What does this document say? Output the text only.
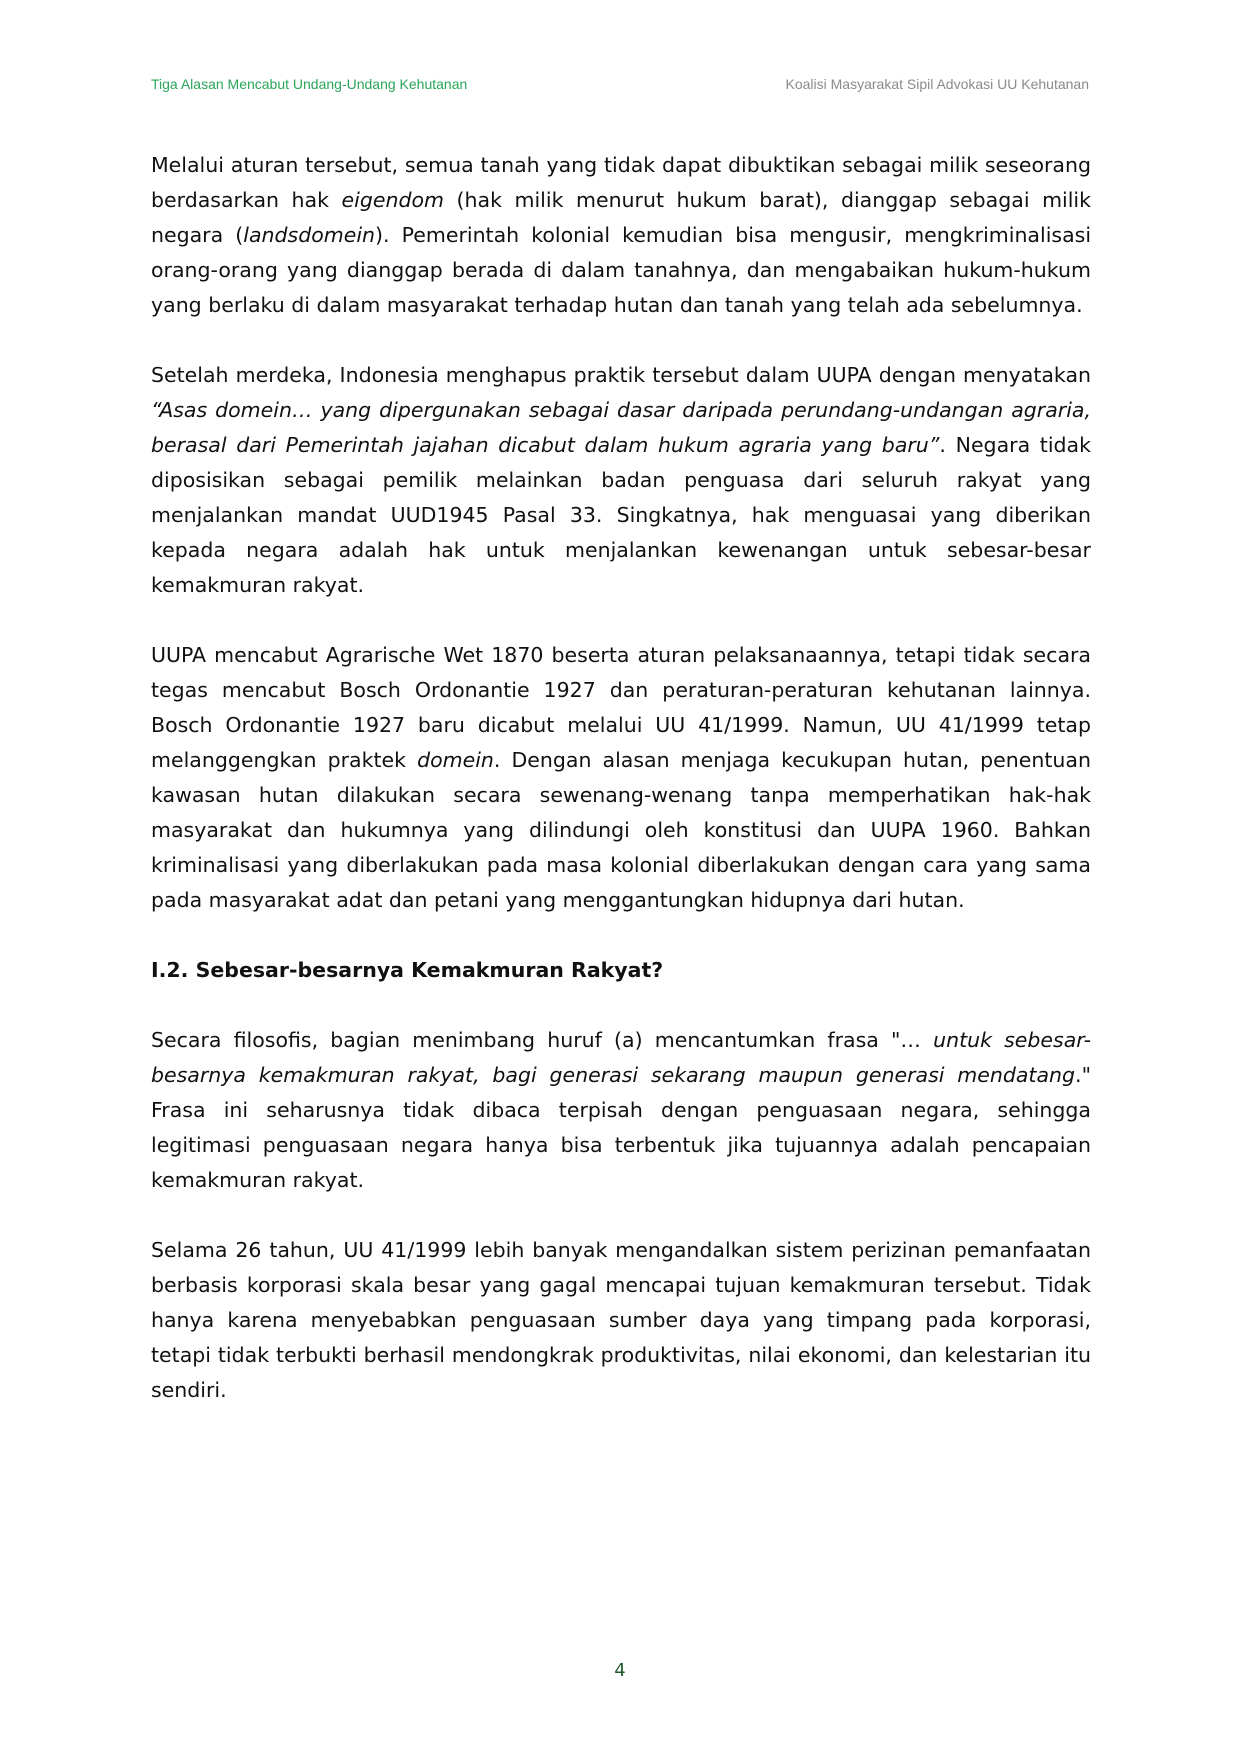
Tiga Alasan Mencabut Undang-Undang Kehutanan	Koalisi Masyarakat Sipil Advokasi UU Kehutanan

Melalui aturan tersebut, semua tanah yang tidak dapat dibuktikan sebagai milik seseorang berdasarkan hak eigendom (hak milik menurut hukum barat), dianggap sebagai milik negara (landsdomein). Pemerintah kolonial kemudian bisa mengusir, mengkriminalisasi orang-orang yang dianggap berada di dalam tanahnya, dan mengabaikan hukum-hukum yang berlaku di dalam masyarakat terhadap hutan dan tanah yang telah ada sebelumnya.

Setelah merdeka, Indonesia menghapus praktik tersebut dalam UUPA dengan menyatakan “Asas domein… yang dipergunakan sebagai dasar daripada perundang-undangan agraria, berasal dari Pemerintah jajahan dicabut dalam hukum agraria yang baru”. Negara tidak diposisikan sebagai pemilik melainkan badan penguasa dari seluruh rakyat yang menjalankan mandat UUD1945 Pasal 33. Singkatnya, hak menguasai yang diberikan kepada negara adalah hak untuk menjalankan kewenangan untuk sebesar-besar kemakmuran rakyat.

UUPA mencabut Agrarische Wet 1870 beserta aturan pelaksanaannya, tetapi tidak secara tegas mencabut Bosch Ordonantie 1927 dan peraturan-peraturan kehutanan lainnya. Bosch Ordonantie 1927 baru dicabut melalui UU 41/1999. Namun, UU 41/1999 tetap melanggengkan praktek domein. Dengan alasan menjaga kecukupan hutan, penentuan kawasan hutan dilakukan secara sewenang-wenang tanpa memperhatikan hak-hak masyarakat dan hukumnya yang dilindungi oleh konstitusi dan UUPA 1960. Bahkan kriminalisasi yang diberlakukan pada masa kolonial diberlakukan dengan cara yang sama pada masyarakat adat dan petani yang menggantungkan hidupnya dari hutan.

I.2. Sebesar-besarnya Kemakmuran Rakyat?

Secara filosofis, bagian menimbang huruf (a) mencantumkan frasa "… untuk sebesar-besarnya kemakmuran rakyat, bagi generasi sekarang maupun generasi mendatang." Frasa ini seharusnya tidak dibaca terpisah dengan penguasaan negara, sehingga legitimasi penguasaan negara hanya bisa terbentuk jika tujuannya adalah pencapaian kemakmuran rakyat.

Selama 26 tahun, UU 41/1999 lebih banyak mengandalkan sistem perizinan pemanfaatan berbasis korporasi skala besar yang gagal mencapai tujuan kemakmuran tersebut. Tidak hanya karena menyebabkan penguasaan sumber daya yang timpang pada korporasi, tetapi tidak terbukti berhasil mendongkrak produktivitas, nilai ekonomi, dan kelestarian itu sendiri.

4
